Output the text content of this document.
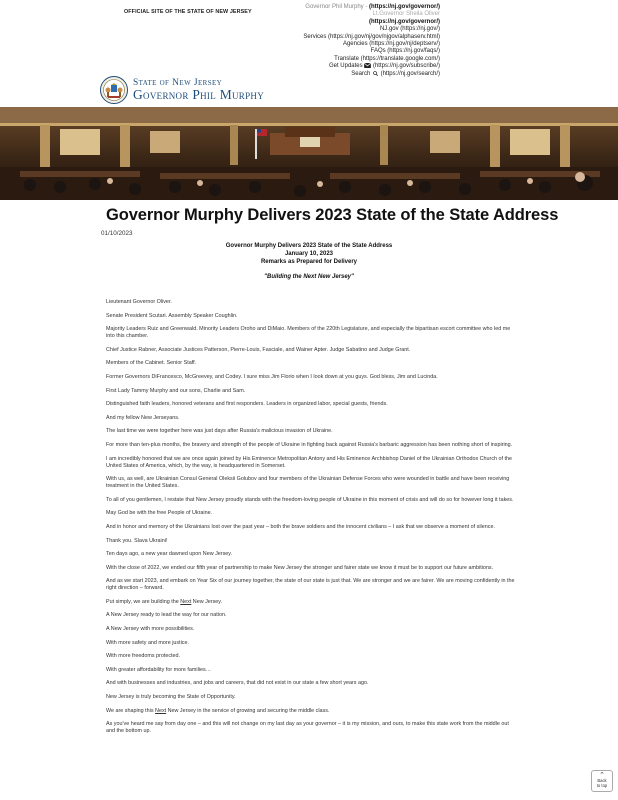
OFFICIAL SITE OF THE STATE OF NEW JERSEY
Governor Phil Murphy - (https://nj.gov/governor/)
Lt.Governor Sheila Oliver
(https://nj.gov/governor/)
NJ.gov (https://nj.gov/)
Services (https://nj.gov/nj/gov/njgov/alphaserv.html)
Agencies (https://nj.gov/nj/deptserv/)
FAQs (https://nj.gov/faqs/)
Translate (https://translate.google.com/)
Get Updates (https://nj.gov/subscribe/)
Search (https://nj.gov/search/)
State of New Jersey
Governor Phil Murphy
Governor Murphy Delivers 2023 State of the State Address
01/10/2023
Governor Murphy Delivers 2023 State of the State Address
January 10, 2023
Remarks as Prepared for Delivery
"Building the Next New Jersey"

Lieutenant Governor Oliver.

Senate President Scutari. Assembly Speaker Coughlin.

Majority Leaders Ruiz and Greenwald. Minority Leaders Oroho and DiMaio. Members of the 220th Legislature, and especially the bipartisan escort committee who led me into this chamber.

Chief Justice Rabner, Associate Justices Patterson, Pierre-Louis, Fasciale, and Wainer Apter. Judge Sabatino and Judge Grant.

Members of the Cabinet. Senior Staff.

Former Governors DiFrancesco, McGreevey, and Codey. I sure miss Jim Florio when I look down at you guys. God bless, Jim and Lucinda.

First Lady Tammy Murphy and our sons, Charlie and Sam.

Distinguished faith leaders, honored veterans and first responders. Leaders in organized labor, special guests, friends.

And my fellow New Jerseyans.

The last time we were together here was just days after Russia's malicious invasion of Ukraine.

For more than ten-plus months, the bravery and strength of the people of Ukraine in fighting back against Russia's barbaric aggression has been nothing short of inspiring.

I am incredibly honored that we are once again joined by His Eminence Metropolitan Antony and His Eminence Archbishop Daniel of the Ukrainian Orthodox Church of the United States of America, which, by the way, is headquartered in Somerset.

With us, as well, are Ukrainian Consul General Oleksii Golubov and four members of the Ukrainian Defense Forces who were wounded in battle and have been receiving treatment in the United States.

To all of you gentlemen, I restate that New Jersey proudly stands with the freedom-loving people of Ukraine in this moment of crisis and will do so for however long it takes.

May God be with the free People of Ukraine.

And in honor and memory of the Ukrainians lost over the past year – both the brave soldiers and the innocent civilians – I ask that we observe a moment of silence.

Thank you. Slava Ukraini!

Ten days ago, a new year dawned upon New Jersey.

With the close of 2022, we ended our fifth year of partnership to make New Jersey the stronger and fairer state we know it must be to support our future ambitions.

And as we start 2023, and embark on Year Six of our journey together, the state of our state is just that. We are stronger and we are fairer. We are moving confidently in the right direction – forward.

Put simply, we are building the Next New Jersey.

A New Jersey ready to lead the way for our nation.

A New Jersey with more possibilities.

With more safety and more justice.

With more freedoms protected.

With greater affordability for more families…

And with businesses and industries, and jobs and careers, that did not exist in our state a few short years ago.

New Jersey is truly becoming the State of Opportunity.

We are shaping this Next New Jersey in the service of growing and securing the middle class.

As you've heard me say from day one – and this will not change on my last day as your governor – it is my mission, and ours, to make this state work from the middle out and the bottom up.

⌃
Back
to top
